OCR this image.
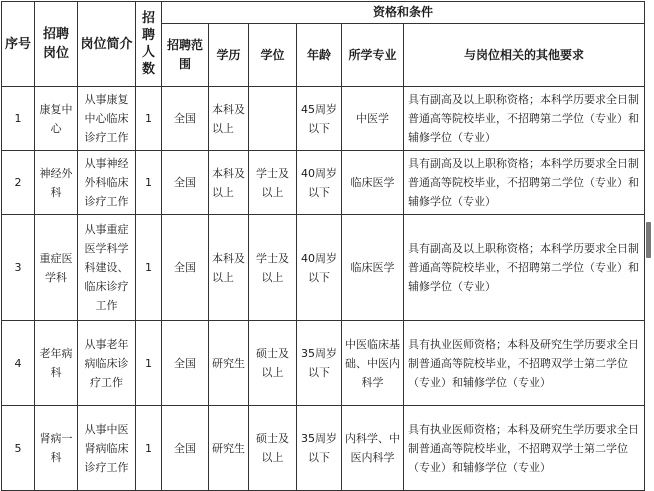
序号	招聘岗位	岗位简介	招聘人数	资格和条件					
				招聘范围	学历	学位	年龄	所学专业	与岗位相关的其他要求
1	康复中心	从事康复中心临床诊疗工作	1	全国	本科及以上		45周岁以下	中医学	具有副高及以上职称资格；本科学历要求全日制普通高等院校毕业，不招聘第二学位（专业）和辅修学位（专业）
2	神经外科	从事神经外科临床诊疗工作	1	全国	本科及以上	学士及以上	40周岁以下	临床医学	具有副高及以上职称资格；本科学历要求全日制普通高等院校毕业，不招聘第二学位（专业）和辅修学位（专业）
3	重症医学科	从事重症医学科学科建设、临床诊疗工作	1	全国	本科及以上	学士及以上	40周岁以下	临床医学	具有副高及以上职称资格；本科学历要求全日制普通高等院校毕业，不招聘第二学位（专业）和辅修学位（专业）
4	老年病科	从事老年病临床诊疗工作	1	全国	研究生	硕士及以上	35周岁以下	中医临床基础、中医内科学	具有执业医师资格；本科及研究生学历要求全日制普通高等院校毕业，不招聘双学士第二学位（专业）和辅修学位（专业）
5	肾病一科	从事中医肾病临床诊疗工作	1	全国	研究生	硕士及以上	35周岁以下	内科学、中医内科学	具有执业医师资格；本科及研究生学历要求全日制普通高等院校毕业，不招聘双学士第二学位（专业）和辅修学位（专业）
